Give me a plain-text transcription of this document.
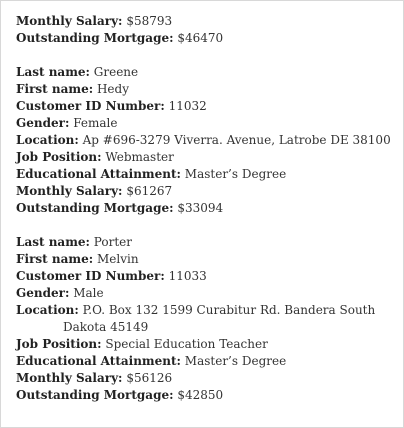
Monthly Salary: $58793
Outstanding Mortgage: $46470
Last name: Greene
First name: Hedy
Customer ID Number: 11032
Gender: Female
Location: Ap #696-3279 Viverra. Avenue, Latrobe DE 38100
Job Position: Webmaster
Educational Attainment: Master’s Degree
Monthly Salary: $61267
Outstanding Mortgage: $33094
Last name: Porter
First name: Melvin
Customer ID Number: 11033
Gender: Male
Location: P.O. Box 132 1599 Curabitur Rd. Bandera South Dakota 45149
Job Position: Special Education Teacher
Educational Attainment: Master’s Degree
Monthly Salary: $56126
Outstanding Mortgage: $42850
